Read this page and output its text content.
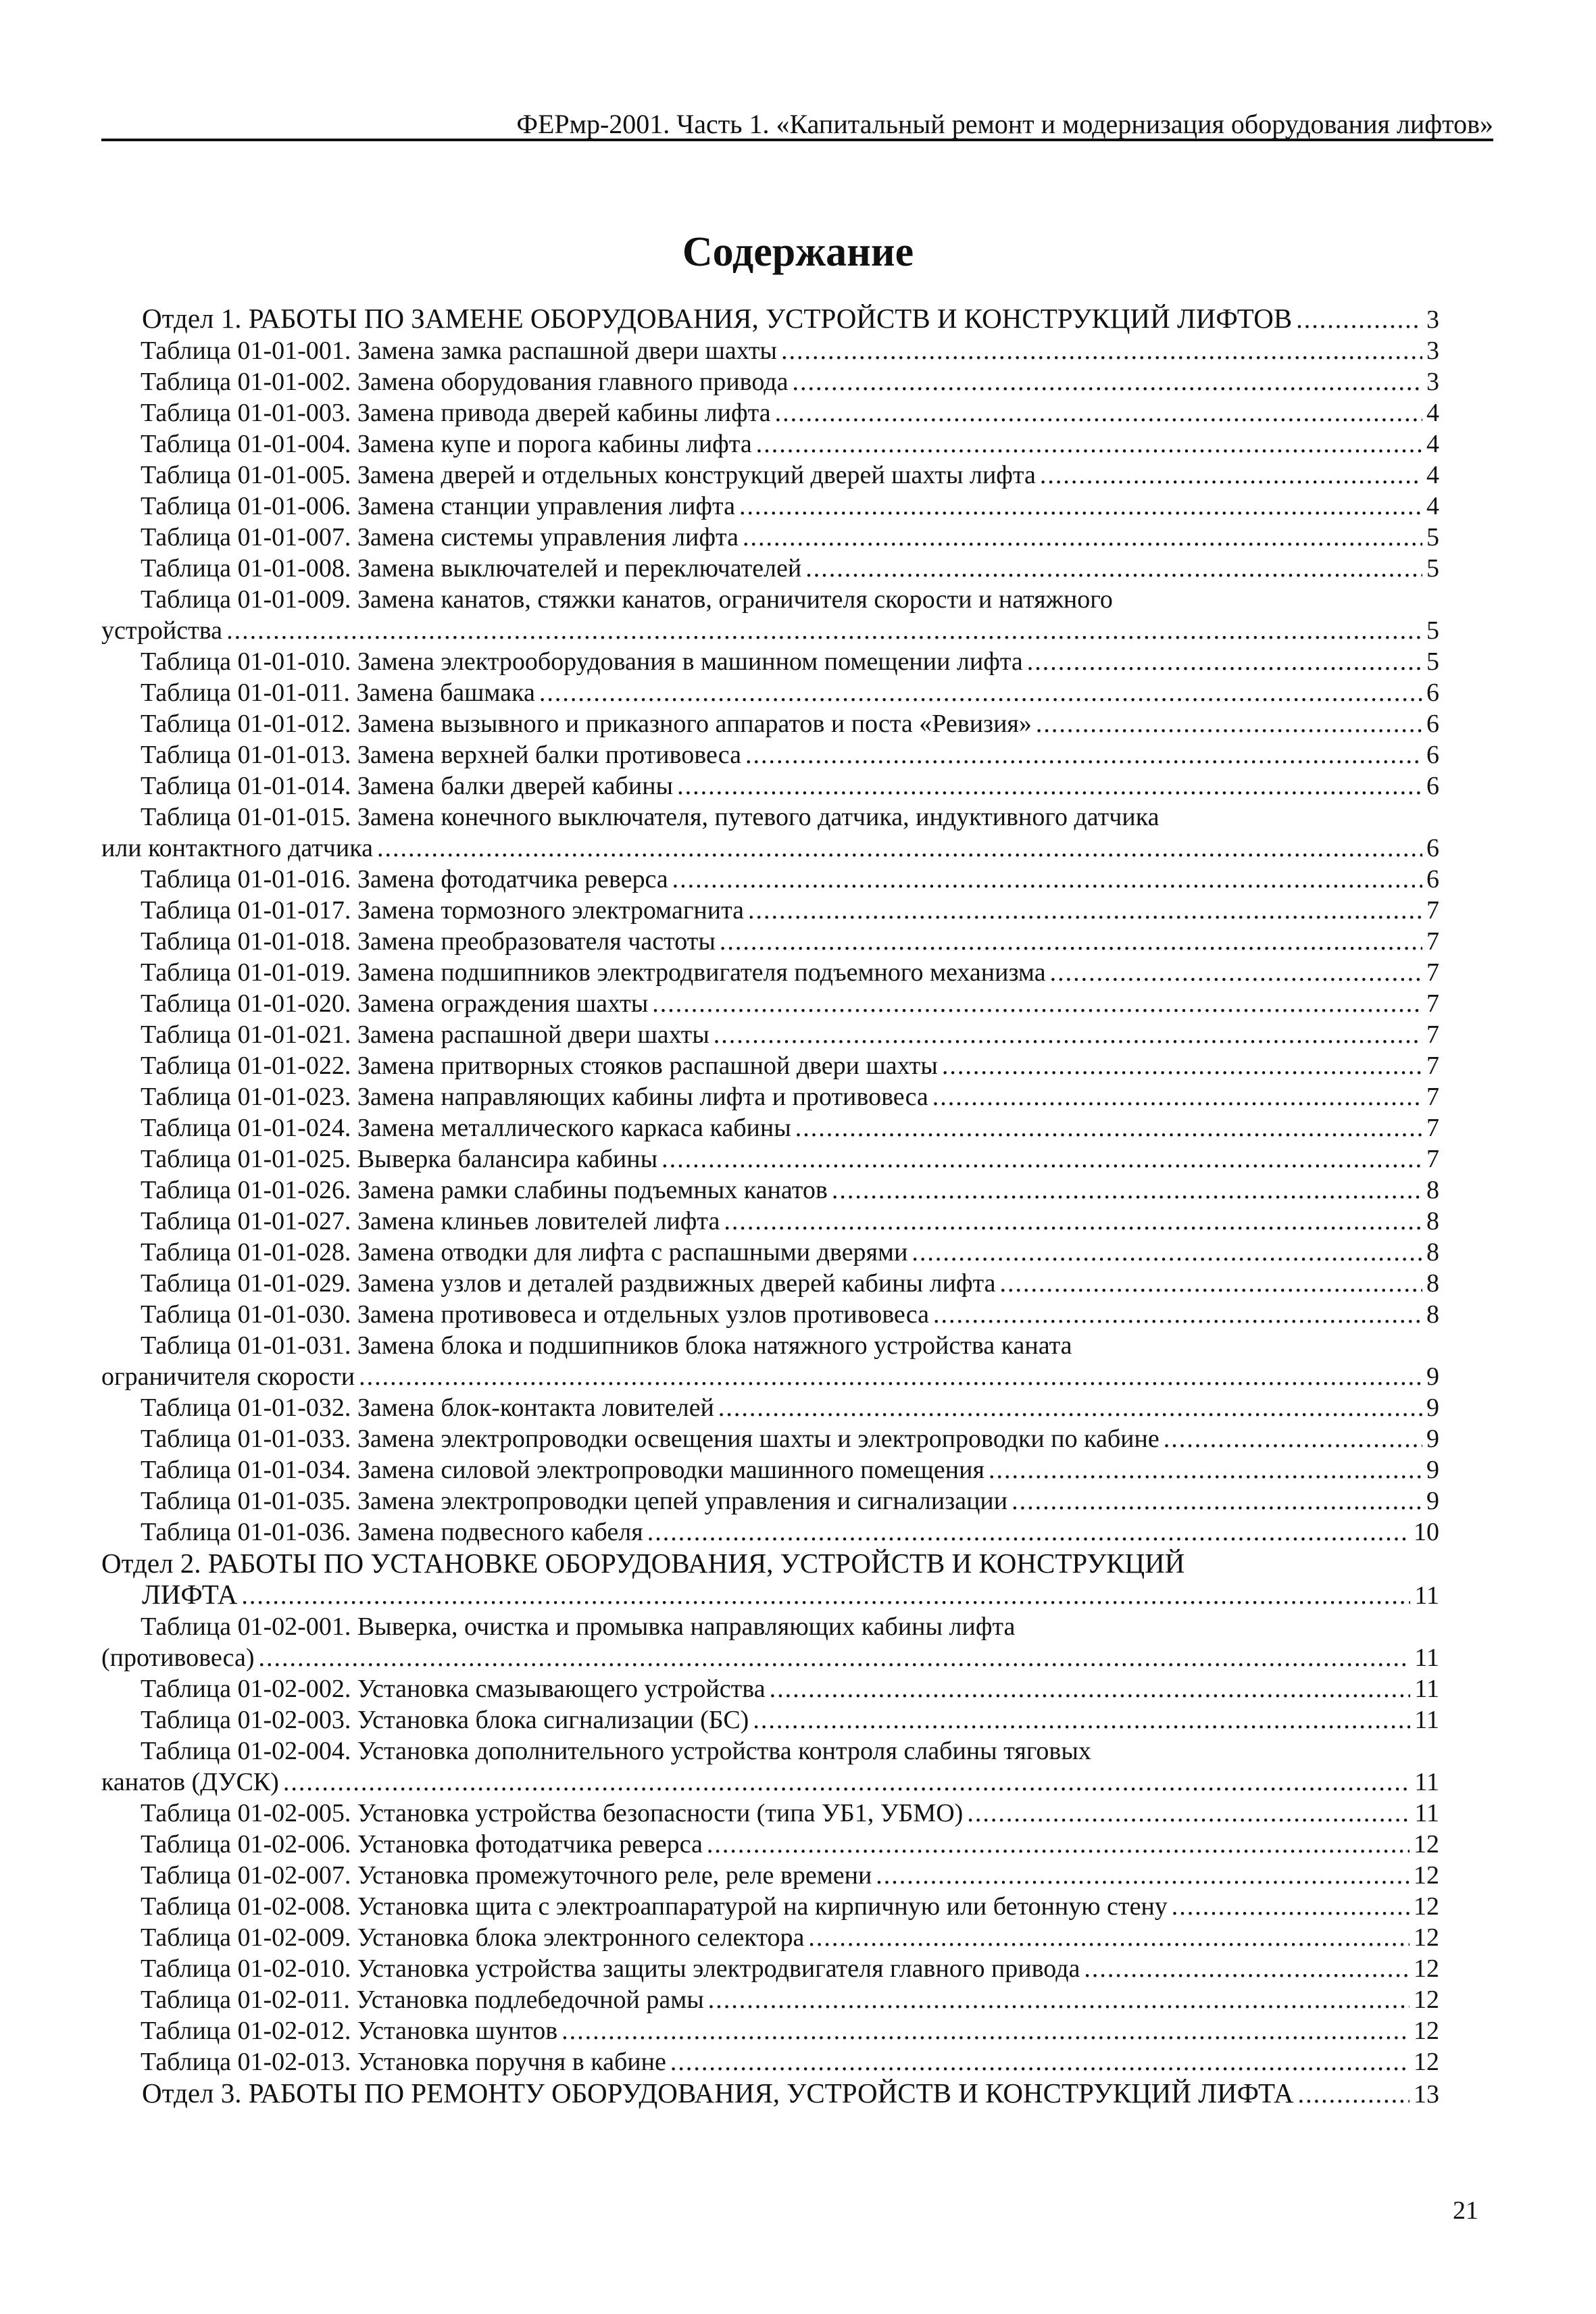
ФЕРмр-2001. Часть 1. «Капитальный ремонт и модернизация оборудования лифтов»
Содержание
Отдел 1. РАБОТЫ ПО ЗАМЕНЕ ОБОРУДОВАНИЯ, УСТРОЙСТВ И КОНСТРУКЦИЙ ЛИФТОВ .....	3
Таблица 01-01-001. Замена замка распашной двери шахты .....	3
Таблица 01-01-002. Замена оборудования главного привода .....	3
Таблица 01-01-003. Замена привода дверей кабины лифта .....	4
Таблица 01-01-004. Замена купе и порога кабины лифта .....	4
Таблица 01-01-005. Замена дверей и отдельных конструкций дверей шахты лифта .....	4
Таблица 01-01-006. Замена станции управления лифта .....	4
Таблица 01-01-007. Замена системы управления лифта .....	5
Таблица 01-01-008. Замена выключателей и переключателей .....	5
Таблица 01-01-009. Замена канатов, стяжки канатов, ограничителя скорости и натяжного
устройства .....	5
Таблица 01-01-010. Замена электрооборудования в машинном помещении лифта .....	5
Таблица 01-01-011. Замена башмака .....	6
Таблица 01-01-012. Замена вызывного и приказного аппаратов и поста «Ревизия» .....	6
Таблица 01-01-013. Замена верхней балки противовеса .....	6
Таблица 01-01-014. Замена балки дверей кабины .....	6
Таблица 01-01-015. Замена конечного выключателя, путевого датчика, индуктивного датчика
или контактного датчика .....	6
Таблица 01-01-016. Замена фотодатчика реверса .....	6
Таблица 01-01-017. Замена тормозного электромагнита .....	7
Таблица 01-01-018. Замена преобразователя частоты .....	7
Таблица 01-01-019. Замена подшипников электродвигателя подъемного механизма .....	7
Таблица 01-01-020. Замена ограждения шахты .....	7
Таблица 01-01-021. Замена распашной двери шахты .....	7
Таблица 01-01-022. Замена притворных стояков распашной двери шахты .....	7
Таблица 01-01-023. Замена направляющих кабины лифта и противовеса .....	7
Таблица 01-01-024. Замена металлического каркаса кабины .....	7
Таблица 01-01-025. Выверка балансира кабины .....	7
Таблица 01-01-026. Замена рамки слабины подъемных канатов .....	8
Таблица 01-01-027. Замена клиньев ловителей лифта .....	8
Таблица 01-01-028. Замена отводки для лифта с распашными дверями .....	8
Таблица 01-01-029. Замена узлов и деталей раздвижных дверей кабины лифта .....	8
Таблица 01-01-030. Замена противовеса и отдельных узлов противовеса .....	8
Таблица 01-01-031. Замена блока и подшипников блока натяжного устройства каната
ограничителя скорости .....	9
Таблица 01-01-032. Замена блок-контакта ловителей .....	9
Таблица 01-01-033. Замена электропроводки освещения шахты и электропроводки по кабине .....	9
Таблица 01-01-034. Замена силовой электропроводки машинного помещения .....	9
Таблица 01-01-035. Замена электропроводки цепей управления и сигнализации .....	9
Таблица 01-01-036. Замена подвесного кабеля .....	10
Отдел 2. РАБОТЫ ПО УСТАНОВКЕ ОБОРУДОВАНИЯ, УСТРОЙСТВ И КОНСТРУКЦИЙ
ЛИФТА .....	11
Таблица 01-02-001. Выверка, очистка и промывка направляющих кабины лифта
(противовеса) .....	11
Таблица 01-02-002. Установка смазывающего устройства .....	11
Таблица 01-02-003. Установка блока сигнализации (БС) .....	11
Таблица 01-02-004. Установка дополнительного устройства контроля слабины тяговых
канатов (ДУСК) .....	11
Таблица 01-02-005. Установка устройства безопасности (типа УБ1, УБМО) .....	11
Таблица 01-02-006. Установка фотодатчика реверса .....	12
Таблица 01-02-007. Установка промежуточного реле, реле времени .....	12
Таблица 01-02-008. Установка щита с электроаппаратурой на кирпичную или бетонную стену .....	12
Таблица 01-02-009. Установка блока электронного селектора .....	12
Таблица 01-02-010. Установка устройства защиты электродвигателя главного привода .....	12
Таблица 01-02-011. Установка подлебедочной рамы .....	12
Таблица 01-02-012. Установка шунтов .....	12
Таблица 01-02-013. Установка поручня в кабине .....	12
Отдел 3. РАБОТЫ ПО РЕМОНТУ ОБОРУДОВАНИЯ, УСТРОЙСТВ И КОНСТРУКЦИЙ ЛИФТА .....	13
21
